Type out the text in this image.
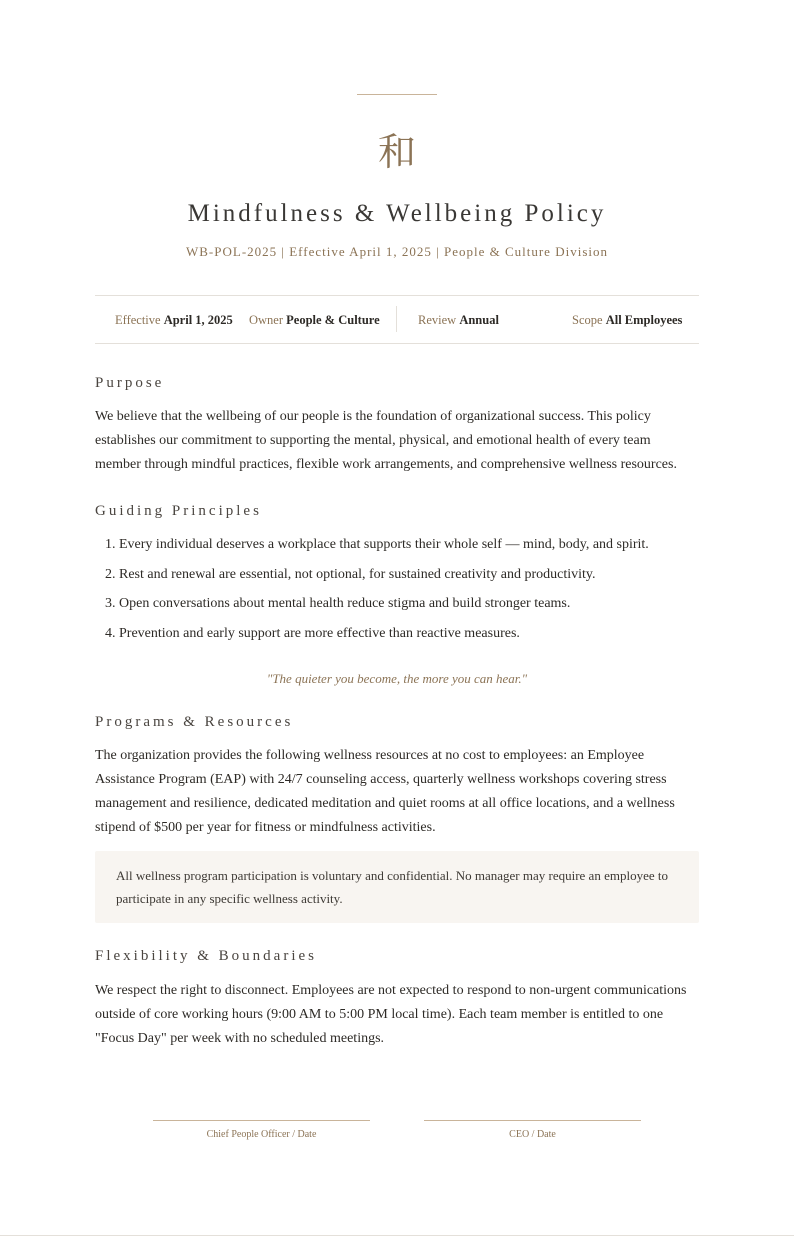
和
Mindfulness & Wellbeing Policy
WB-POL-2025 | Effective April 1, 2025 | People & Culture Division
Effective April 1, 2025 Owner People & Culture	Review Annual	Scope All Employees
Purpose

We believe that the wellbeing of our people is the foundation of organizational success. This policy establishes our commitment to supporting the mental, physical, and emotional health of every team member through mindful practices, flexible work arrangements, and comprehensive wellness resources.

Guiding Principles
1. Every individual deserves a workplace that supports their whole self — mind, body, and spirit.
2. Rest and renewal are essential, not optional, for sustained creativity and productivity.
3. Open conversations about mental health reduce stigma and build stronger teams.
4. Prevention and early support are more effective than reactive measures.
"The quieter you become, the more you can hear."
Programs & Resources

The organization provides the following wellness resources at no cost to employees: an Employee Assistance Program (EAP) with 24/7 counseling access, quarterly wellness workshops covering stress management and resilience, dedicated meditation and quiet rooms at all office locations, and a wellness stipend of $500 per year for fitness or mindfulness activities.

All wellness program participation is voluntary and confidential. No manager may require an employee to participate in any specific wellness activity.
Flexibility & Boundaries

We respect the right to disconnect. Employees are not expected to respond to non-urgent communications outside of core working hours (9:00 AM to 5:00 PM local time). Each team member is entitled to one "Focus Day" per week with no scheduled meetings.

Chief People Officer / Date	CEO / Date
